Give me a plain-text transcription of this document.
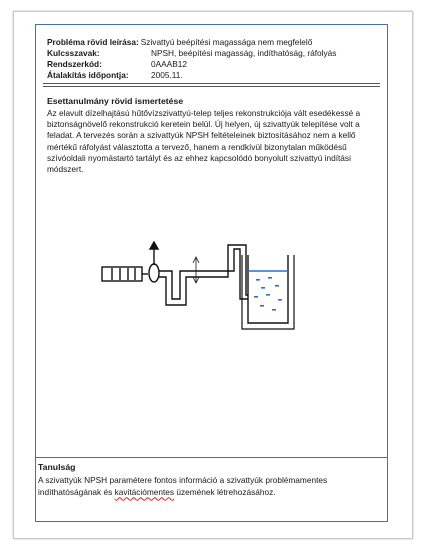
Probléma rövid leírása: Szivattyú beépítési magassága nem megfelelő
Kulcsszavak:	NPSH, beépítési magasság, indíthatóság, ráfolyás
Rendszerkód:	0AAAB12
Átalakítás időpontja:	2005.11.
Esettanulmány rövid ismertetése
Az elavult dízelhajtású hűtővízszivattyú-telep teljes rekonstrukciója vált esedékessé a biztonságnövelő rekonstrukció keretein belül. Új helyen, új szivattyúk telepítése volt a feladat. A tervezés során a szivattyúk NPSH feltételeinek biztosításához nem a kellő mértékű ráfolyást választotta a tervező, hanem a rendkívül bizonytalan működésű szívóoldali nyomástartó tartályt és az ehhez kapcsolódó bonyolult szivattyú indítási módszert.
Tanulság
A szivattyúk NPSH paramétere fontos információ a szivattyúk problémamentes indíthatóságának és kavitációmentes üzemének létrehozásához.
